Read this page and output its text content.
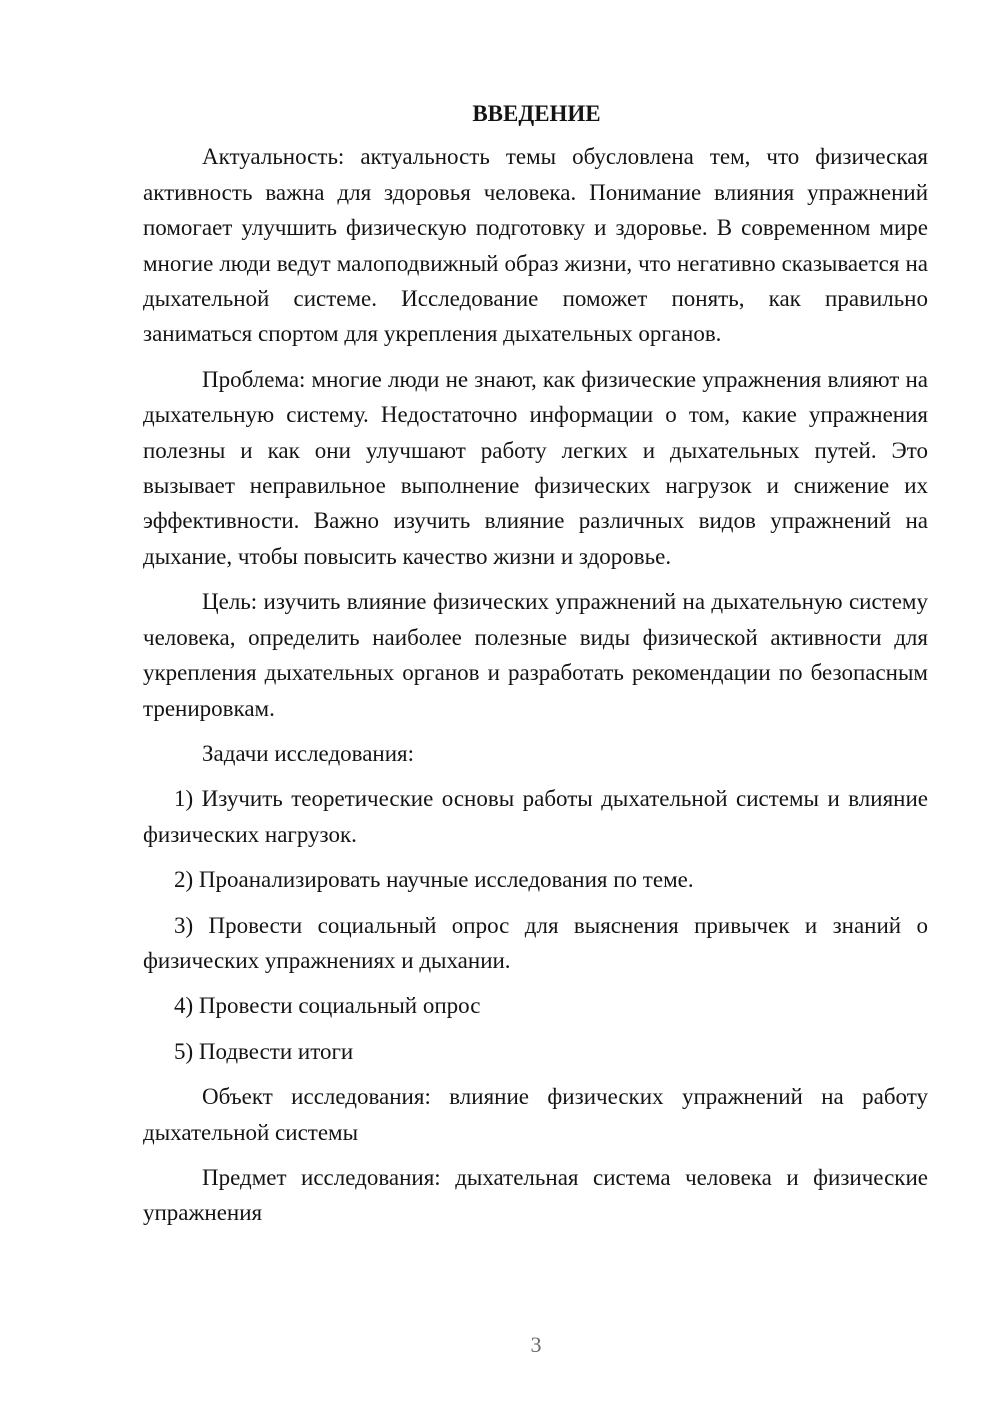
ВВЕДЕНИЕ

Актуальность: актуальность темы обусловлена тем, что физическая активность важна для здоровья человека. Понимание влияния упражнений помогает улучшить физическую подготовку и здоровье. В современном мире многие люди ведут малоподвижный образ жизни, что негативно сказывается на дыхательной системе. Исследование поможет понять, как правильно заниматься спортом для укрепления дыхательных органов.

Проблема: многие люди не знают, как физические упражнения влияют на дыхательную систему. Недостаточно информации о том, какие упражнения полезны и как они улучшают работу легких и дыхательных путей. Это вызывает неправильное выполнение физических нагрузок и снижение их эффективности. Важно изучить влияние различных видов упражнений на дыхание, чтобы повысить качество жизни и здоровье.

Цель: изучить влияние физических упражнений на дыхательную систему человека, определить наиболее полезные виды физической активности для укрепления дыхательных органов и разработать рекомендации по безопасным тренировкам.

Задачи исследования:

1) Изучить теоретические основы работы дыхательной системы и влияние физических нагрузок.

2) Проанализировать научные исследования по теме.

3) Провести социальный опрос для выяснения привычек и знаний о физических упражнениях и дыхании.

4) Провести социальный опрос

5) Подвести итоги

Объект исследования: влияние физических упражнений на работу дыхательной системы

Предмет исследования: дыхательная система человека и физические упражнения

3
